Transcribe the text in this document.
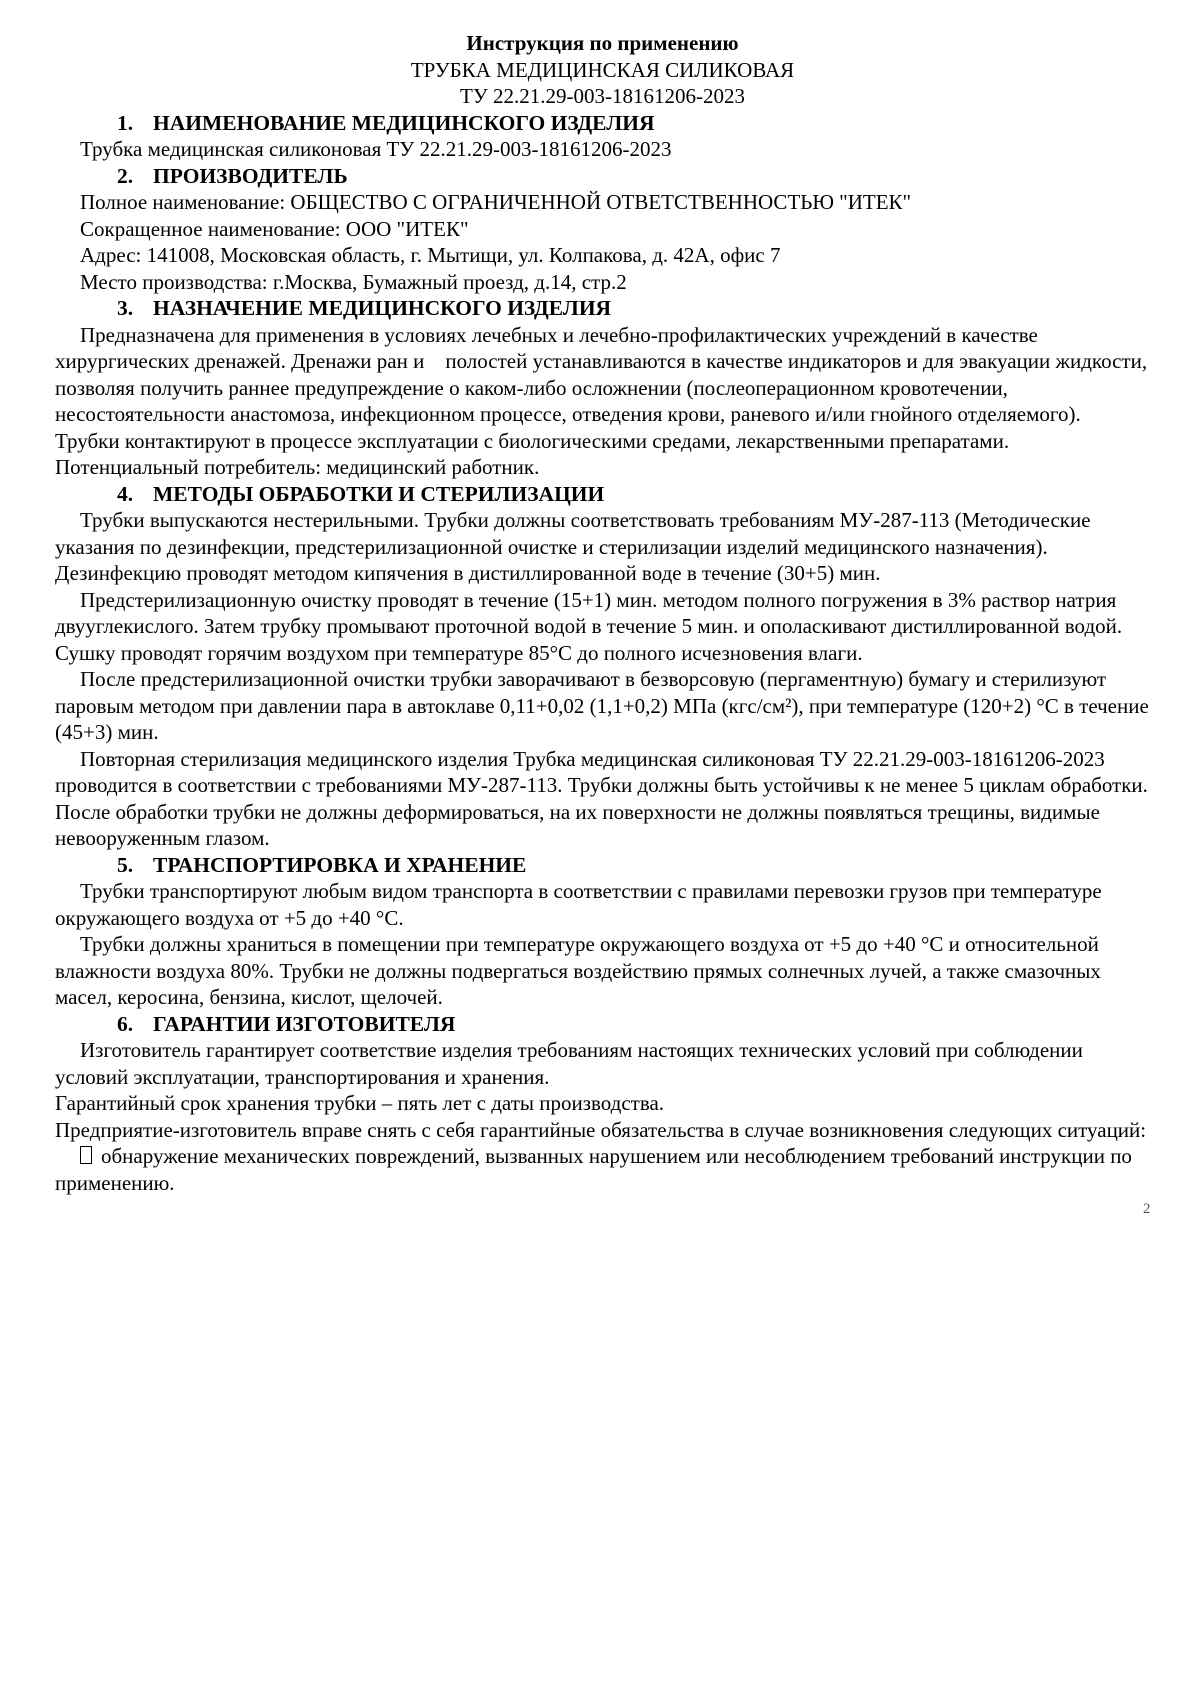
Инструкция по применению

ТРУБКА МЕДИЦИНСКАЯ СИЛИКОВАЯ

ТУ 22.21.29-003-18161206-2023

1. НАИМЕНОВАНИЕ МЕДИЦИНСКОГО ИЗДЕЛИЯ

Трубка медицинская силиконовая ТУ 22.21.29-003-18161206-2023

2. ПРОИЗВОДИТЕЛЬ

Полное наименование: ОБЩЕСТВО С ОГРАНИЧЕННОЙ ОТВЕТСТВЕННОСТЬЮ "ИТЕК"

Сокращенное наименование: ООО "ИТЕК"

Адрес: 141008, Московская область, г. Мытищи, ул. Колпакова, д. 42А, офис 7

Место производства: г.Москва, Бумажный проезд, д.14, стр.2

3. НАЗНАЧЕНИЕ МЕДИЦИНСКОГО ИЗДЕЛИЯ

Предназначена для применения в условиях лечебных и лечебно-профилактических учреждений в качестве хирургических дренажей. Дренажи ран и    полостей устанавливаются в качестве индикаторов и для эвакуации жидкости, позволяя получить раннее предупреждение о каком-либо осложнении (послеоперационном кровотечении, несостоятельности анастомоза, инфекционном процессе, отведения крови, раневого и/или гнойного отделяемого). Трубки контактируют в процессе эксплуатации с биологическими средами, лекарственными препаратами. Потенциальный потребитель: медицинский работник.

4. МЕТОДЫ ОБРАБОТКИ И СТЕРИЛИЗАЦИИ

Трубки выпускаются нестерильными. Трубки должны соответствовать требованиям МУ-287-113 (Методические указания по дезинфекции, предстерилизационной очистке и стерилизации изделий медицинского назначения).

Дезинфекцию проводят методом кипячения в дистиллированной воде в течение (30+5) мин.

Предстерилизационную очистку проводят в течение (15+1) мин. методом полного погружения в 3% раствор натрия двууглекислого. Затем трубку промывают проточной водой в течение 5 мин. и ополаскивают дистиллированной водой. Сушку проводят горячим воздухом при температуре 85°С до полного исчезновения влаги.

После предстерилизационной очистки трубки заворачивают в безворсовую (пергаментную) бумагу и стерилизуют паровым методом при давлении пара в автоклаве 0,11+0,02 (1,1+0,2) МПа (кгс/см²), при температуре (120+2) °С в течение (45+3) мин.

Повторная стерилизация медицинского изделия Трубка медицинская силиконовая ТУ 22.21.29-003-18161206-2023 проводится в соответствии с требованиями МУ-287-113. Трубки должны быть устойчивы к не менее 5 циклам обработки. После обработки трубки не должны деформироваться, на их поверхности не должны появляться трещины, видимые невооруженным глазом.

5. ТРАНСПОРТИРОВКА И ХРАНЕНИЕ

Трубки транспортируют любым видом транспорта в соответствии с правилами перевозки грузов при температуре окружающего воздуха от +5 до +40 °С.

Трубки должны храниться в помещении при температуре окружающего воздуха от +5 до +40 °С и относительной влажности воздуха 80%. Трубки не должны подвергаться воздействию прямых солнечных лучей, а также смазочных масел, керосина, бензина, кислот, щелочей.

6. ГАРАНТИИ ИЗГОТОВИТЕЛЯ

Изготовитель гарантирует соответствие изделия требованиям настоящих технических условий при соблюдении условий эксплуатации, транспортирования и хранения.

Гарантийный срок хранения трубки – пять лет с даты производства.

Предприятие-изготовитель вправе снять с себя гарантийные обязательства в случае возникновения следующих ситуаций:

обнаружение механических повреждений, вызванных нарушением или несоблюдением требований инструкции по применению.

2
